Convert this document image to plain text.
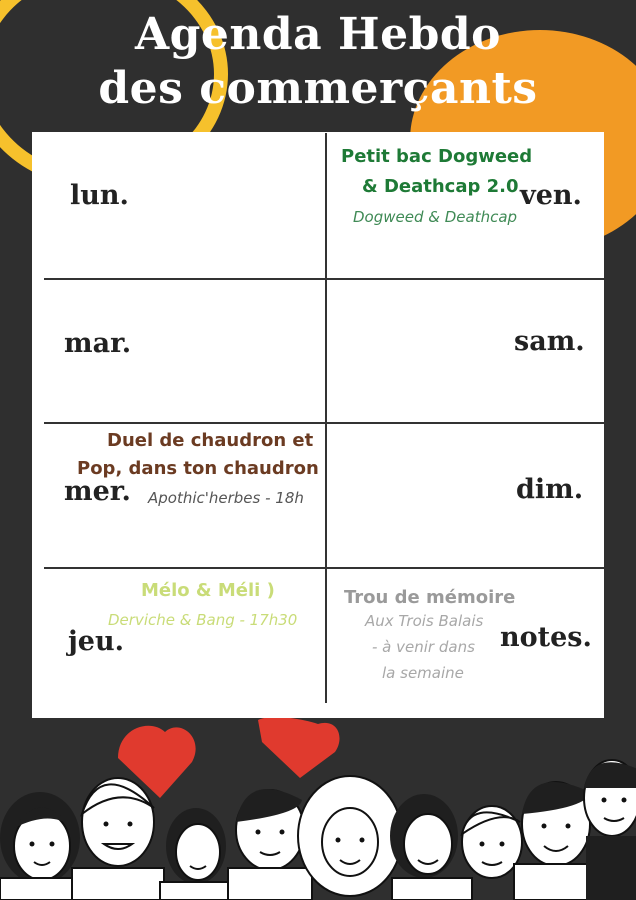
Agenda Hebdo
des commerçants
lun.
mar.
mer.
jeu.
ven.
sam.
dim.
notes.
Petit bac Dogweed
& Deathcap 2.0
Dogweed & Deathcap
Duel de chaudron et
Pop, dans ton chaudron
Apothic'herbes - 18h
Mélo & Méli )
Derviche & Bang - 17h30
Trou de mémoire
Aux Trois Balais
- à venir dans
la semaine
